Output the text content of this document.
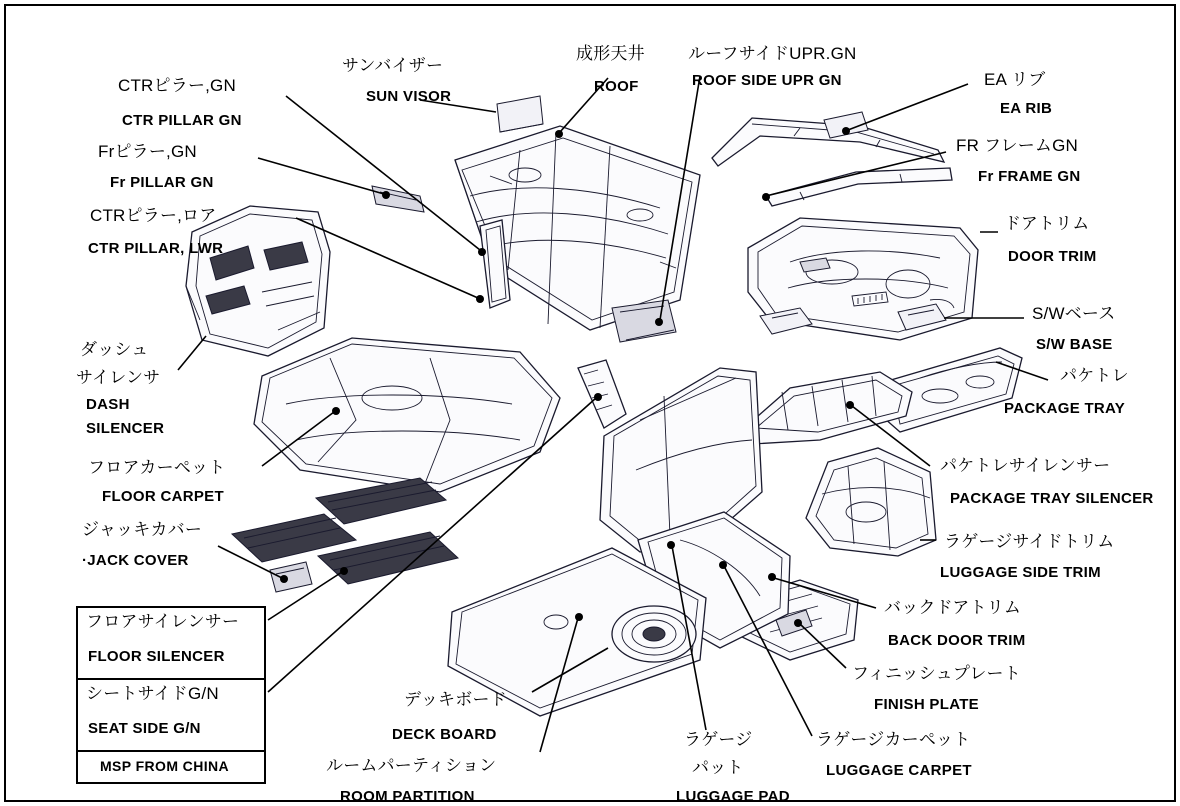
CTRピラー,GN
CTR PILLAR GN
Frピラー,GN
Fr PILLAR GN
CTRピラー,ロア
CTR PILLAR, LWR
サンバイザー
SUN VISOR
成形天井
ROOF
ルーフサイドUPR.GN
ROOF SIDE UPR GN	EA リブ
EA RIB
FR フレームGN
Fr FRAME GN
ドアトリム
DOOR TRIM
S/Wベース
S/W BASE
パケトレ
PACKAGE TRAY
パケトレサイレンサー
PACKAGE TRAY SILENCER
ラゲージサイドトリム
LUGGAGE SIDE TRIM
バックドアトリム
BACK DOOR TRIM
フィニッシュプレート
FINISH PLATE
ラゲージカーペット
LUGGAGE CARPET
ラゲージ
パット
LUGGAGE PAD
ルームパーティション
ROOM PARTITION
デッキボード
DECK BOARD
ダッシュ
サイレンサ
DASH
SILENCER
フロアカーペット
FLOOR CARPET
ジャッキカバー
·JACK COVER
フロアサイレンサー
FLOOR SILENCER
シートサイドG/N
SEAT SIDE G/N
MSP FROM CHINA
